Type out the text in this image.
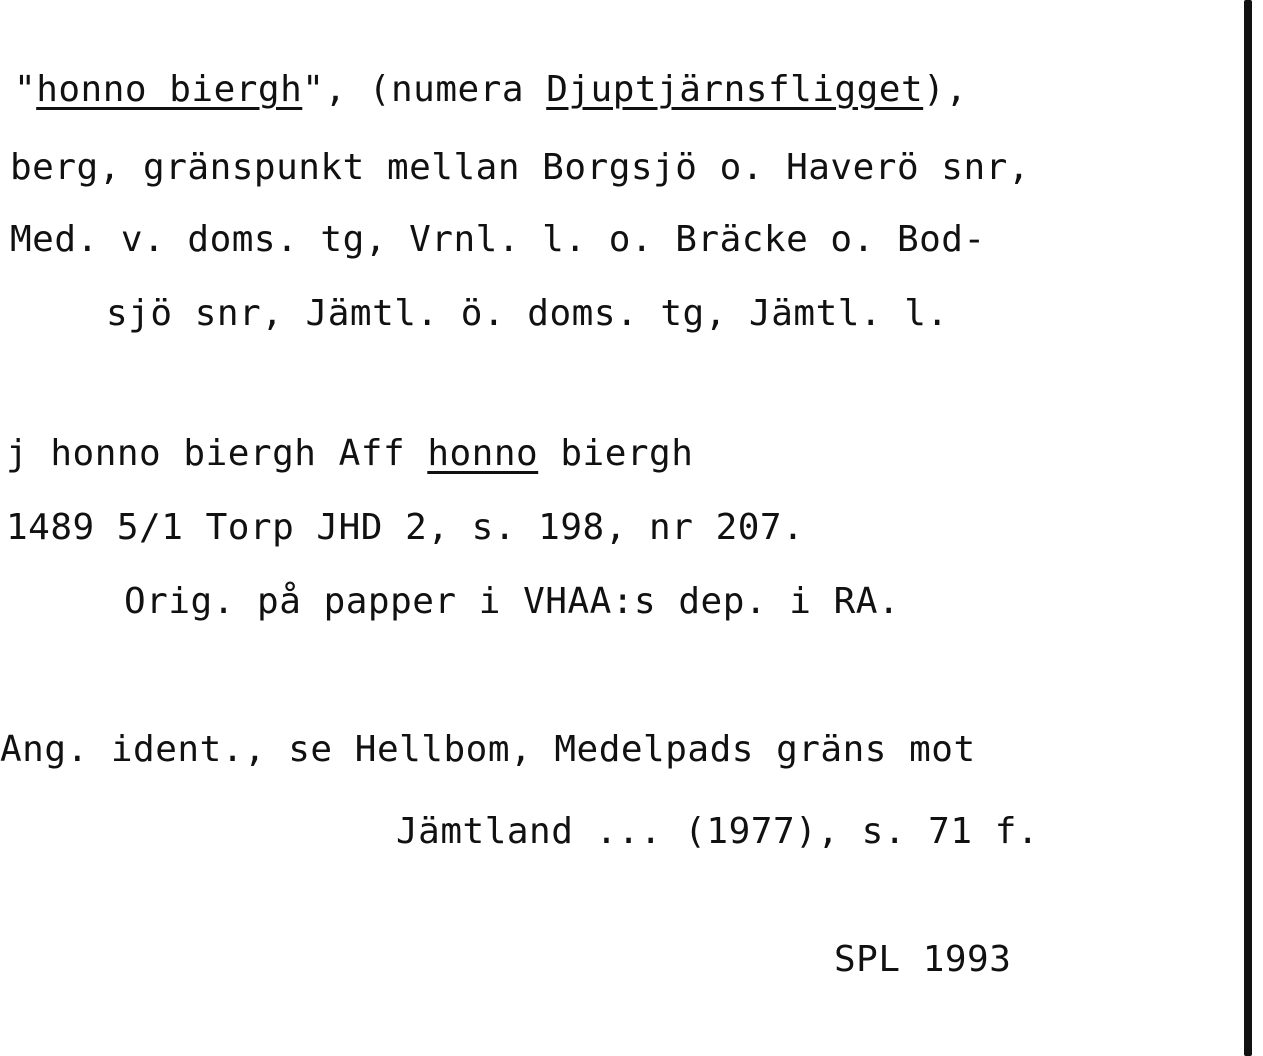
"honno biergh", (numera Djuptjärnsfligget),
berg, gränspunkt mellan Borgsjö o. Haverö snr,
Med. v. doms. tg, Vrnl. l. o. Bräcke o. Bod-
sjö snr, Jämtl. ö. doms. tg, Jämtl. l.
j honno biergh Aff honno biergh
1489 5/1 Torp JHD 2, s. 198, nr 207.
Orig. på papper i VHAA:s dep. i RA.
Ang. ident., se Hellbom, Medelpads gräns mot
Jämtland ... (1977), s. 71 f.
SPL 1993
